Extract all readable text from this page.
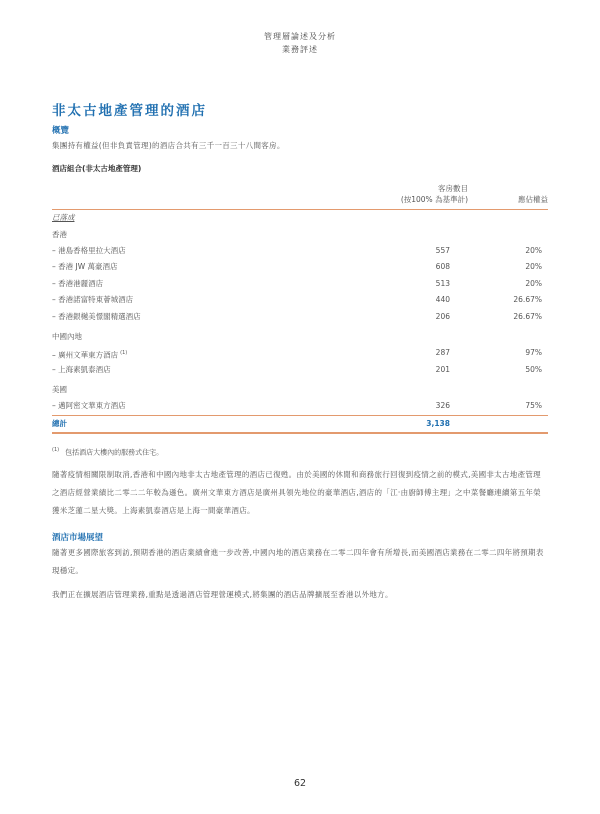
管理層論述及分析
業務評述
非太古地產管理的酒店
概覽
集團持有權益(但非負責管理)的酒店合共有三千一百三十八間客房。
酒店組合(非太古地產管理)
客房數目
(按100% 為基準計)	應佔權益
已落成
香港
– 港島香格里拉大酒店	557	20%
– 香港 JW 萬豪酒店	608	20%
– 香港港麗酒店	513	20%
– 香港諾富特東薈城酒店	440	26.67%
– 香港銀樾美憬閣精選酒店	206	26.67%
中國內地
– 廣州文華東方酒店 $^{(1)}$	287	97%
– 上海素凱泰酒店	201	50%
美國
– 邁阿密文華東方酒店	326	75%
總計	3,138
$^{(1)}$ 包括酒店大樓內的服務式住宅。
隨著疫情相關限制取消,香港和中國內地非太古地產管理的酒店已復甦。由於美國的休閒和商務旅行回復到疫情之前的模式,美國非太古地產管理之酒店經營業績比二零二二年較為遜色。廣州文華東方酒店是廣州具領先地位的豪華酒店,酒店的「江·由廚師傅主理」之中菜餐廳連續第五年榮獲米芝蓮二星大獎。上海素凱泰酒店是上海一間豪華酒店。
酒店市場展望
隨著更多國際旅客到訪,預期香港的酒店業績會進一步改善,中國內地的酒店業務在二零二四年會有所增長,而美國酒店業務在二零二四年將預期表現穩定。
我們正在擴展酒店管理業務,重點是透過酒店管理營運模式,將集團的酒店品牌擴展至香港以外地方。
62
